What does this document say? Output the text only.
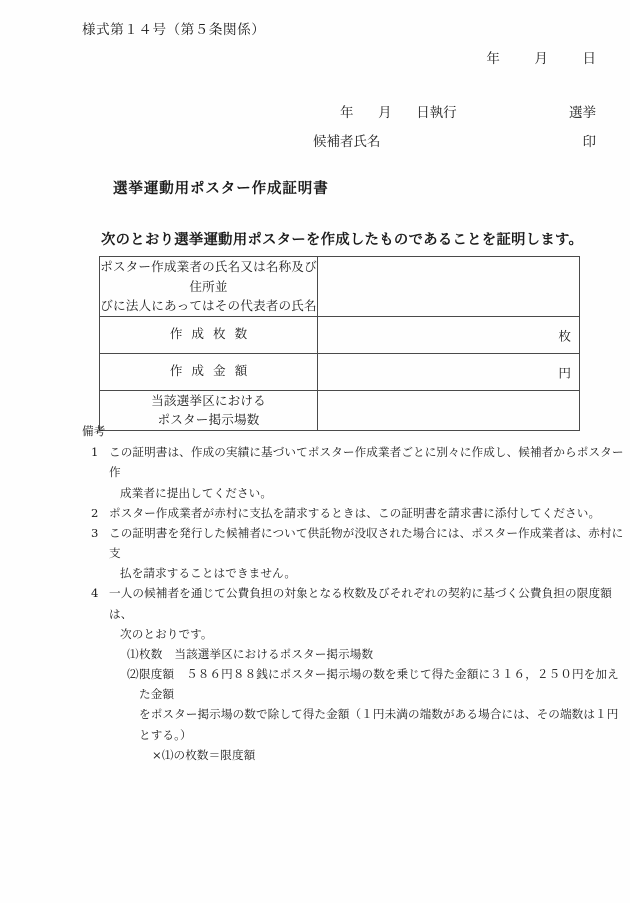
様式第１４号（第５条関係）
年	月	日
年 月 日執行	選挙
候補者氏名	印
選挙運動用ポスター作成証明書
次のとおり選挙運動用ポスターを作成したものであることを証明します。
ポスター作成業者の氏名又は名称及び住所並
びに法人にあってはその代表者の氏名	

作成枚数	枚

作成金額	円

当該選挙区における
ポスター掲示場数	

備考
1 この証明書は、作成の実績に基づいてポスター作成業者ごとに別々に作成し、候補者からポスター作
成業者に提出してください。
2 ポスター作成業者が赤村に支払を請求するときは、この証明書を請求書に添付してください。
3 この証明書を発行した候補者について供託物が没収された場合には、ポスター作成業者は、赤村に支
払を請求することはできません。
4 一人の候補者を通じて公費負担の対象となる枚数及びそれぞれの契約に基づく公費負担の限度額は、
次のとおりです。
⑴ 枚数 当該選挙区におけるポスター掲示場数
⑵ 限度額 ５８６円８８銭にポスター掲示場の数を乗じて得た金額に３１６，２５０円を加えた金額
をポスター掲示場の数で除して得た金額（１円未満の端数がある場合には、その端数は１円とする。）
×⑴の枚数＝限度額
